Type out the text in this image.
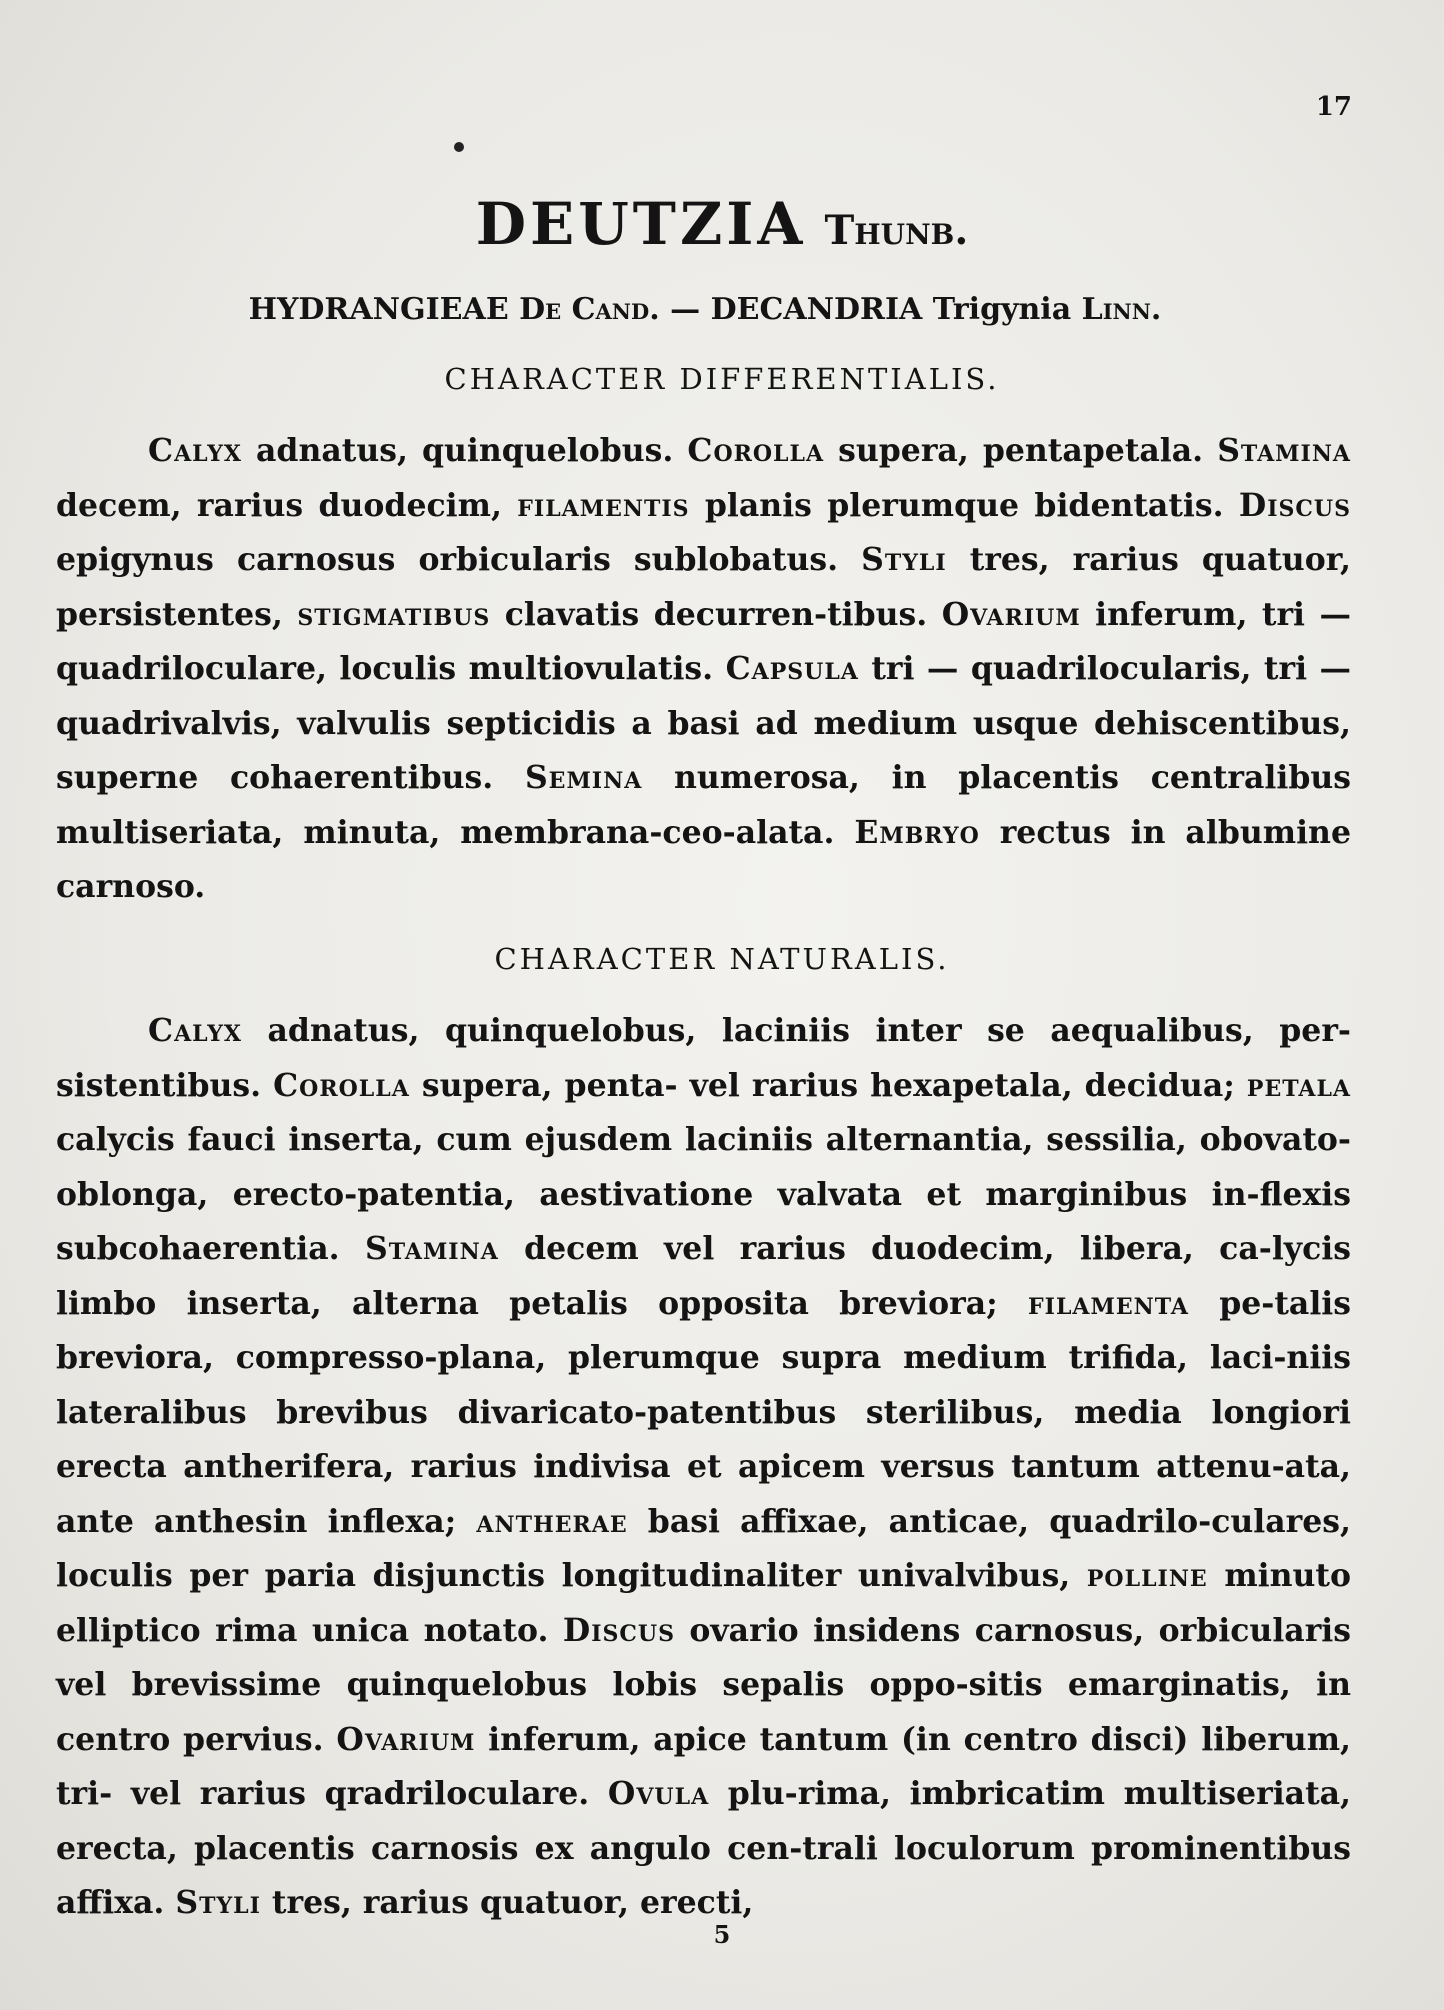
17
DEUTZIA Thunb.
HYDRANGIEAE De Cand. — DECANDRIA Trigynia Linn.
CHARACTER DIFFERENTIALIS.
Calyx adnatus, quinquelobus. Corolla supera, pentapetala. Stamina decem, rarius duodecim, filamentis planis plerumque bidentatis. Discus epigynus carnosus orbicularis sublobatus. Styli tres, rarius quatuor, persistentes, stigmatibus clavatis decurren-tibus. Ovarium inferum, tri — quadriloculare, loculis multiovulatis. Capsula tri — quadrilocularis, tri — quadrivalvis, valvulis septicidis a basi ad medium usque dehiscentibus, superne cohaerentibus. Semina numerosa, in placentis centralibus multiseriata, minuta, membrana-ceo-alata. Embryo rectus in albumine carnoso.
CHARACTER NATURALIS.
Calyx adnatus, quinquelobus, laciniis inter se aequalibus, per-sistentibus. Corolla supera, penta- vel rarius hexapetala, decidua; petala calycis fauci inserta, cum ejusdem laciniis alternantia, sessilia, obovato-oblonga, erecto-patentia, aestivatione valvata et marginibus in-flexis subcohaerentia. Stamina decem vel rarius duodecim, libera, ca-lycis limbo inserta, alterna petalis opposita breviora; filamenta pe-talis breviora, compresso-plana, plerumque supra medium trifida, laci-niis lateralibus brevibus divaricato-patentibus sterilibus, media longiori erecta antherifera, rarius indivisa et apicem versus tantum attenu-ata, ante anthesin inflexa; antherae basi affixae, anticae, quadrilo-culares, loculis per paria disjunctis longitudinaliter univalvibus, polline minuto elliptico rima unica notato. Discus ovario insidens carnosus, orbicularis vel brevissime quinquelobus lobis sepalis oppo-sitis emarginatis, in centro pervius. Ovarium inferum, apice tantum (in centro disci) liberum, tri- vel rarius qradriloculare. Ovula plu-rima, imbricatim multiseriata, erecta, placentis carnosis ex angulo cen-trali loculorum prominentibus affixa. Styli tres, rarius quatuor, erecti,
5
